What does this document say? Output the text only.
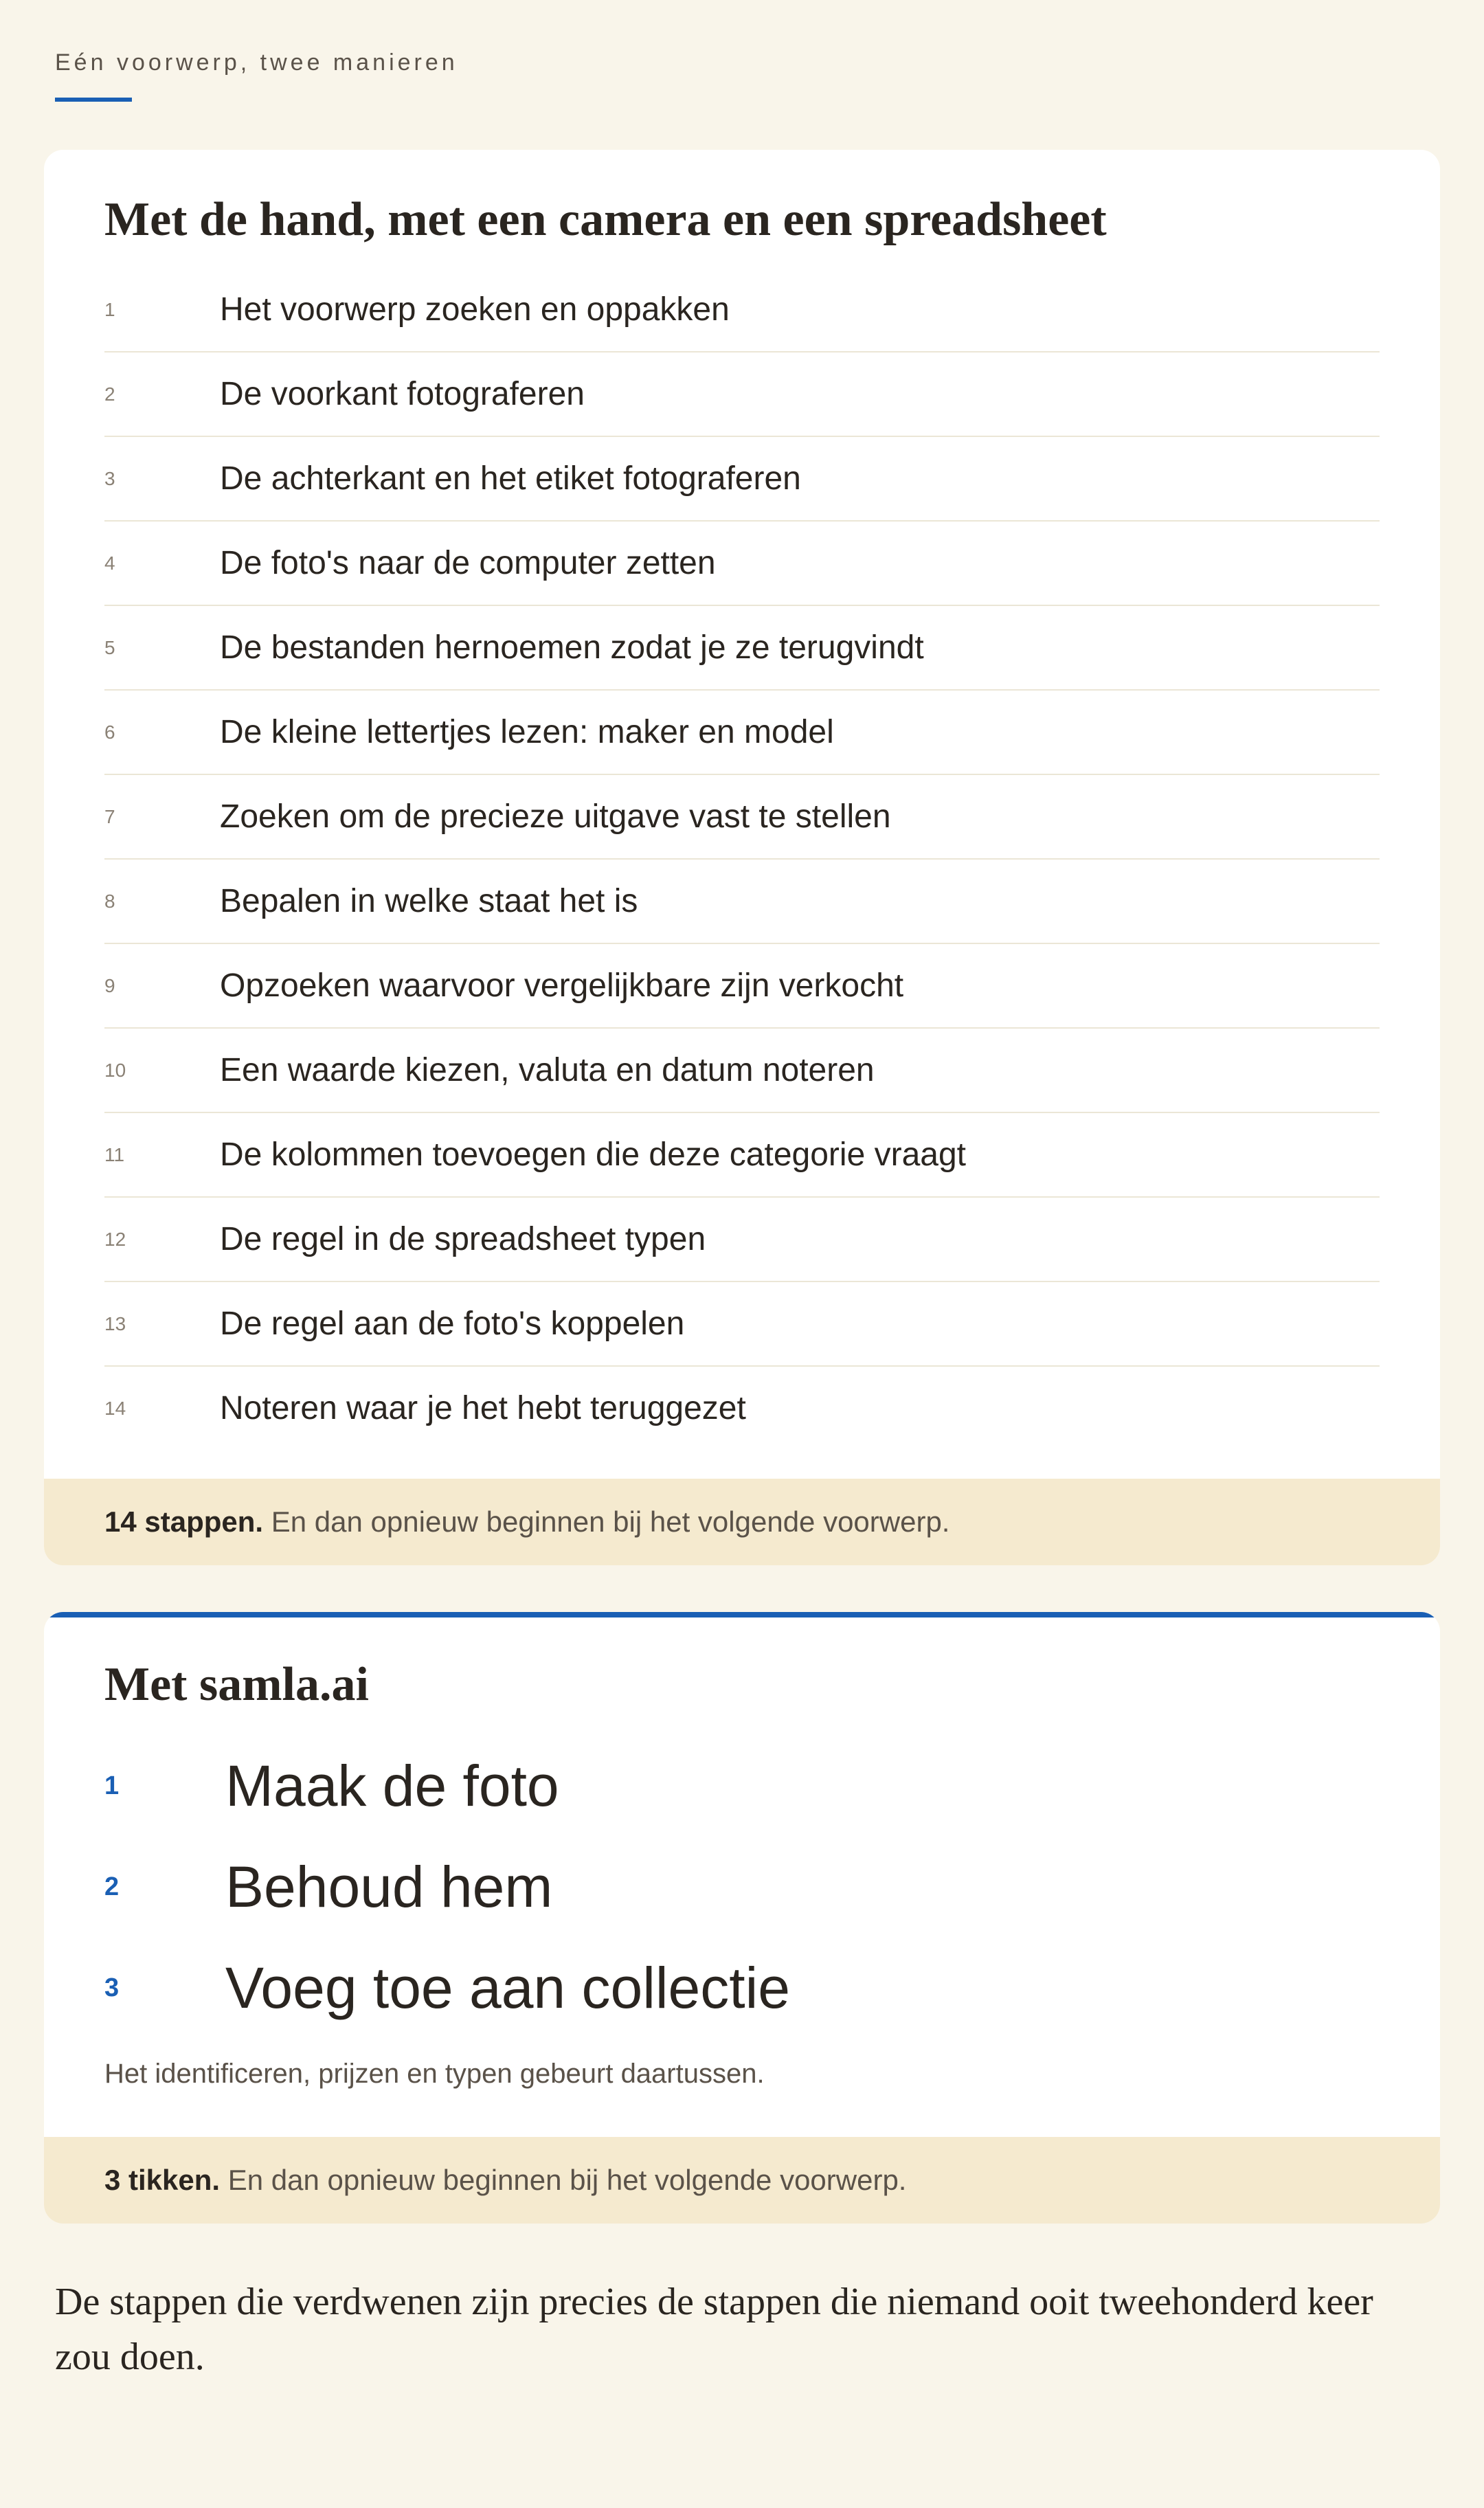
Eén voorwerp, twee manieren
Met de hand, met een camera en een spreadsheet
1	Het voorwerp zoeken en oppakken
2	De voorkant fotograferen
3	De achterkant en het etiket fotograferen
4	De foto's naar de computer zetten
5	De bestanden hernoemen zodat je ze terugvindt
6	De kleine lettertjes lezen: maker en model
7	Zoeken om de precieze uitgave vast te stellen
8	Bepalen in welke staat het is
9	Opzoeken waarvoor vergelijkbare zijn verkocht
10	Een waarde kiezen, valuta en datum noteren
11	De kolommen toevoegen die deze categorie vraagt
12	De regel in de spreadsheet typen
13	De regel aan de foto's koppelen
14	Noteren waar je het hebt teruggezet
14 stappen. En dan opnieuw beginnen bij het volgende voorwerp.
Met samla.ai
1 Maak de foto
2 Behoud hem
3 Voeg toe aan collectie
Het identificeren, prijzen en typen gebeurt daartussen.
3 tikken. En dan opnieuw beginnen bij het volgende voorwerp.

De stappen die verdwenen zijn precies de stappen die niemand ooit tweehonderd keer zou doen.
